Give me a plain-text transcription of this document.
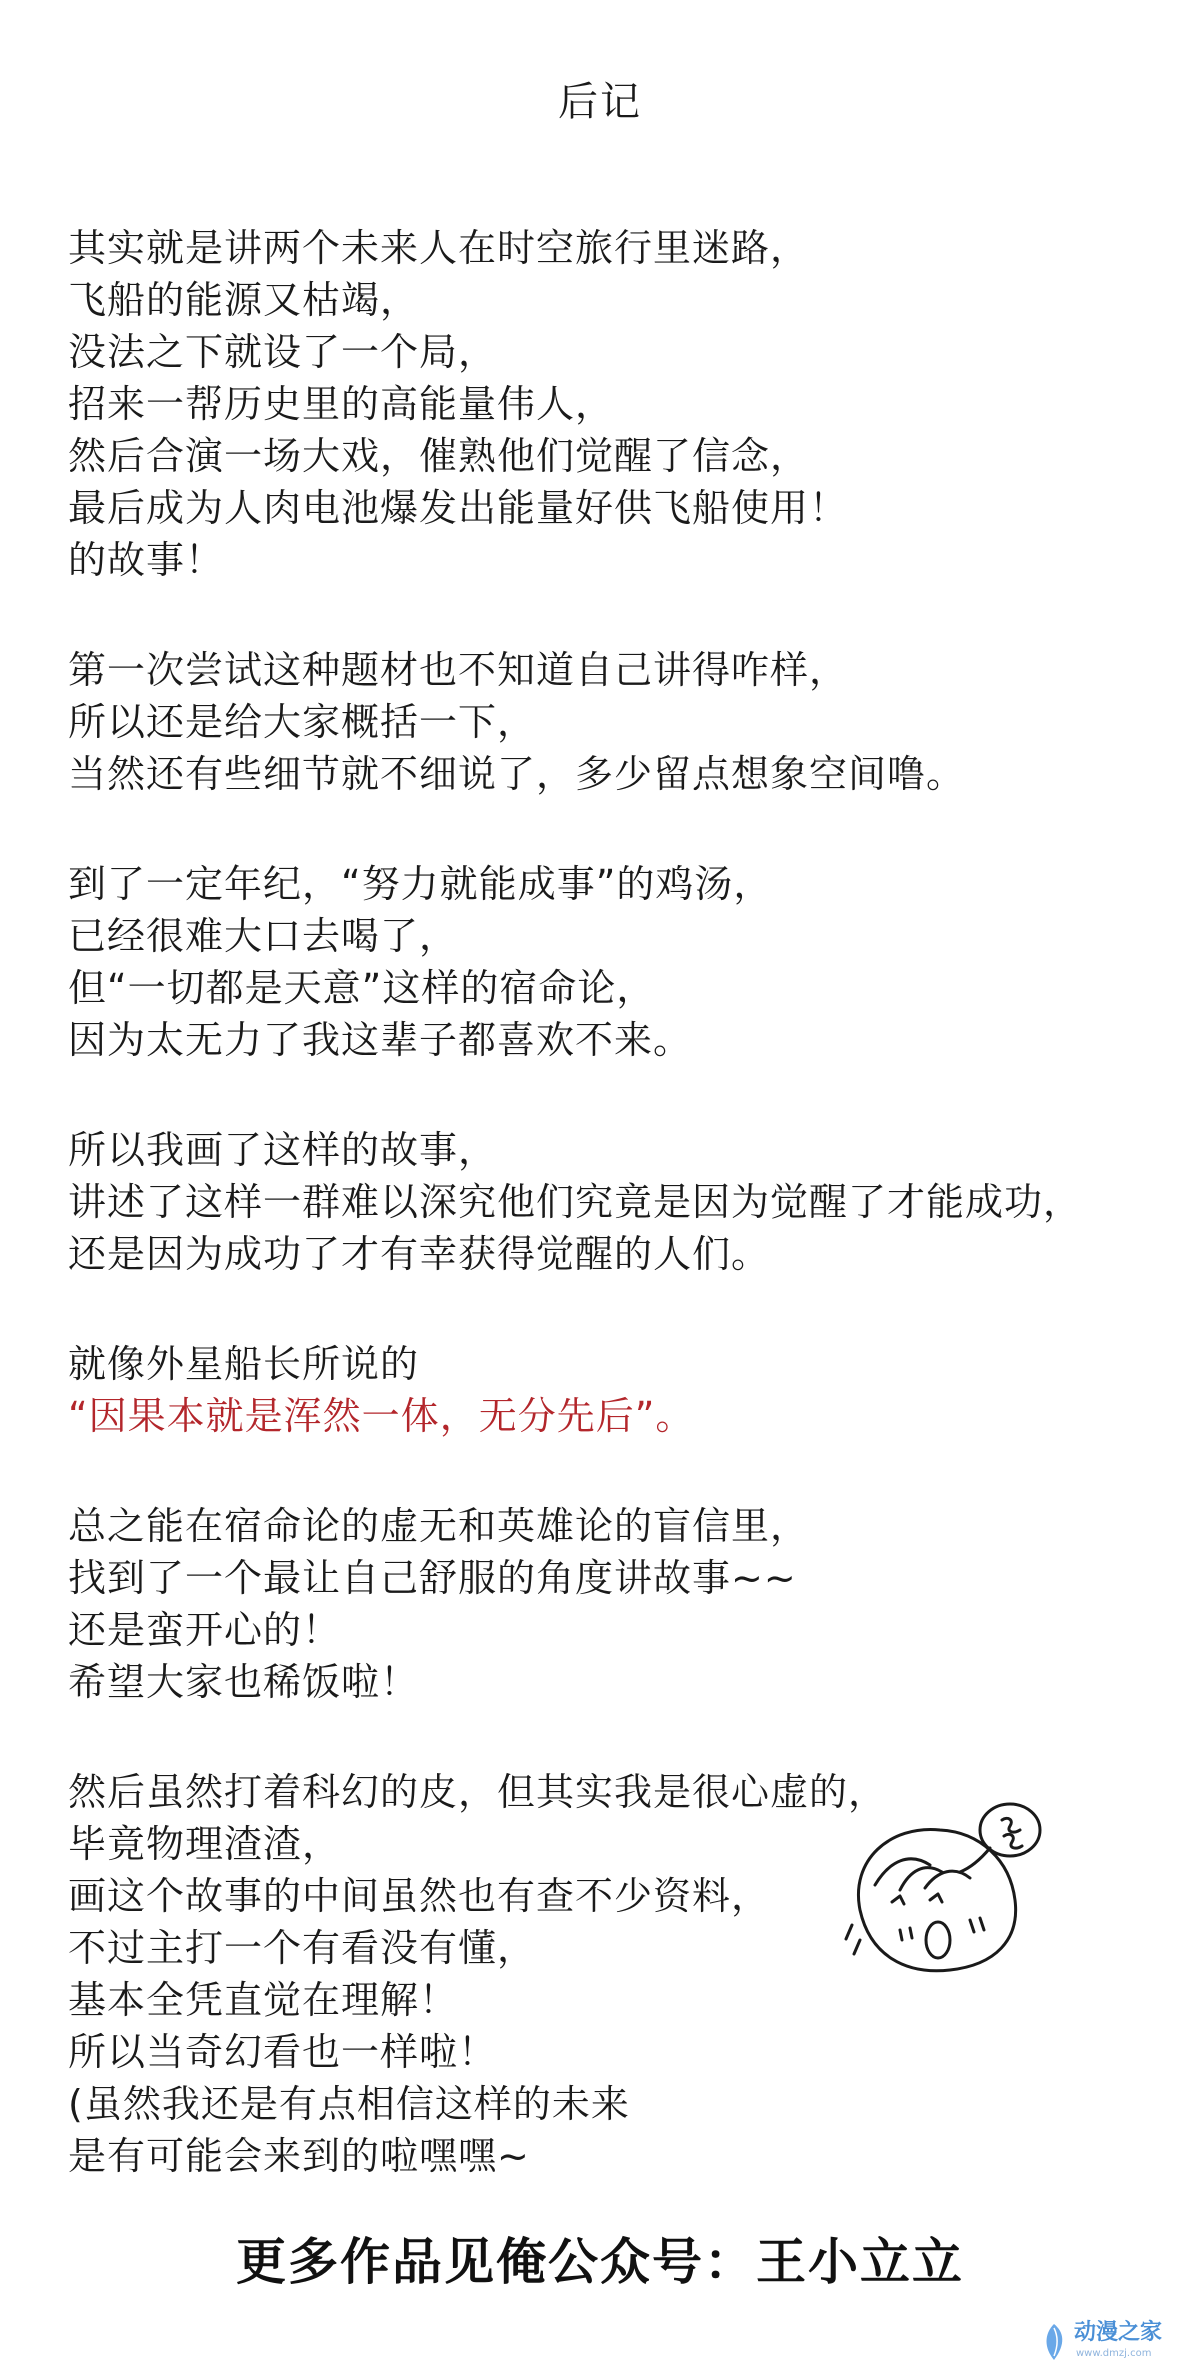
后记
其实就是讲两个未来人在时空旅行里迷路，
飞船的能源又枯竭，
没法之下就设了一个局，
招来一帮历史里的高能量伟人，
然后合演一场大戏，催熟他们觉醒了信念，
最后成为人肉电池爆发出能量好供飞船使用！
的故事！
第一次尝试这种题材也不知道自己讲得咋样，
所以还是给大家概括一下，
当然还有些细节就不细说了，多少留点想象空间噜。
到了一定年纪，“努力就能成事”的鸡汤，
已经很难大口去喝了，
但“一切都是天意”这样的宿命论，
因为太无力了我这辈子都喜欢不来。
所以我画了这样的故事，
讲述了这样一群难以深究他们究竟是因为觉醒了才能成功，
还是因为成功了才有幸获得觉醒的人们。
就像外星船长所说的
“因果本就是浑然一体，无分先后”。
总之能在宿命论的虚无和英雄论的盲信里，
找到了一个最让自己舒服的角度讲故事~~
还是蛮开心的！
希望大家也稀饭啦！
然后虽然打着科幻的皮，但其实我是很心虚的，
毕竟物理渣渣，
画这个故事的中间虽然也有查不少资料，
不过主打一个有看没有懂，
基本全凭直觉在理解！
所以当奇幻看也一样啦！
(虽然我还是有点相信这样的未来
是有可能会来到的啦嘿嘿~
更多作品见俺公众号：王小立立
动漫之家
www.dmzj.com
